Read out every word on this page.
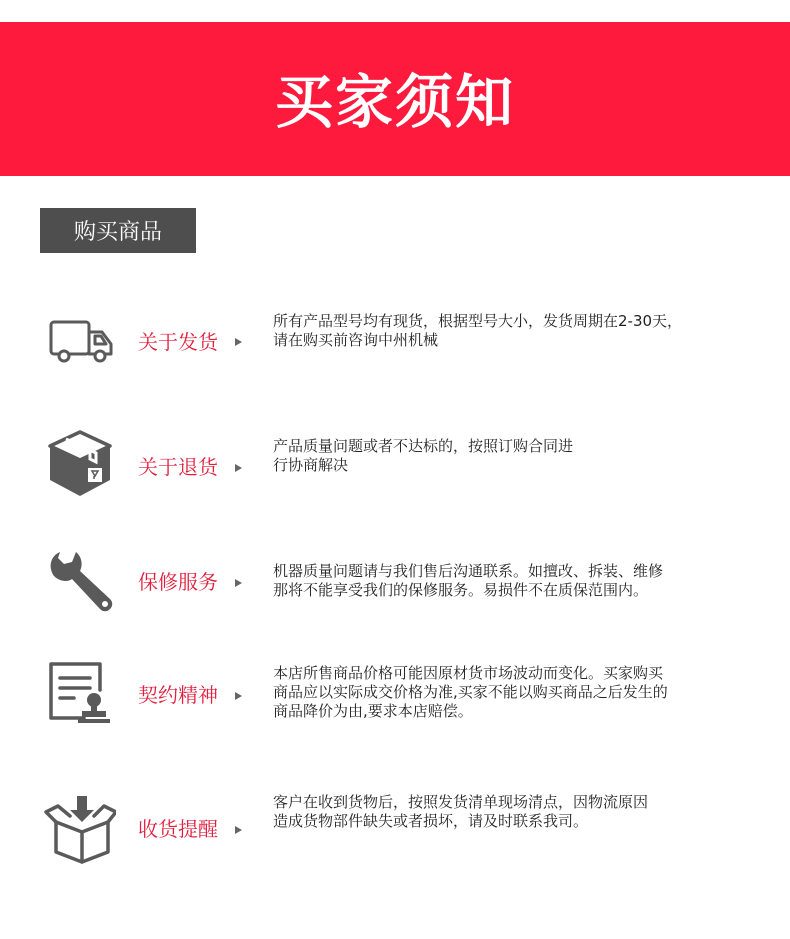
买家须知
购买商品
关于发货
所有产品型号均有现货，根据型号大小，发货周期在2-30天，
请在购买前咨询中州机械
关于退货
产品质量问题或者不达标的，按照订购合同进
行协商解决
保修服务	机器质量问题请与我们售后沟通联系。如擅改、拆装、维修
那将不能享受我们的保修服务。易损件不在质保范围内。
契约精神
本店所售商品价格可能因原材货市场波动而变化。买家购买
商品应以实际成交价格为准,买家不能以购买商品之后发生的
商品降价为由,要求本店赔偿。
收货提醒
客户在收到货物后，按照发货清单现场清点，因物流原因
造成货物部件缺失或者损坏，请及时联系我司。
